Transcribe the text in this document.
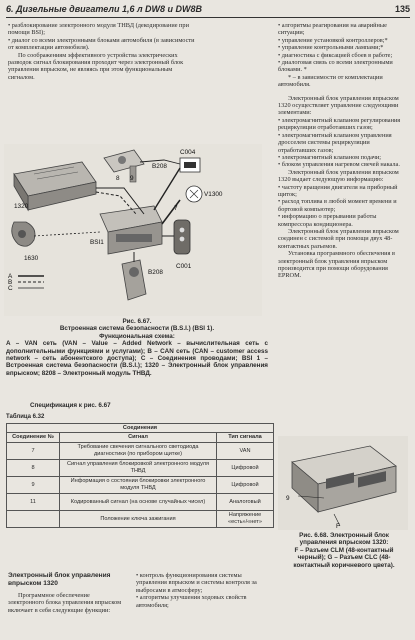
6. Дизельные двигатели 1,6 л DW8 и DW8B	135

• разблокирование электронного модуля ТНВД (декодирование при помощи BSI);

• диалог со всеми электронными блоками автомобиля (в зависимости от комплектации автомобиля).

По соображениям эффективного устройства электрических разводок сигнал блокирования проходит через электронный блок управления впрыском, не являясь при этом функциональным сигналом.

8 9
B208
C004
7
V1300
1320
BSI1
1630
B208
C001
A
B
C
Рис. 6.67.
Встроенная система безопасности (B.S.I.) (BSI 1).
Функциональная схема:
A – VAN сеть (VAN – Value – Added Network – вычислительная сеть с дополнительными функциями и услугами); B – CAN сеть (CAN – customer access network – сеть абонентского доступа); C – Соединения проводами; BSI 1 – Встроенная система безопасности (B.S.I.); 1320 – Электронный блок управления впрыском; 8208 – Электронный модуль ТНВД.
Спецификация к рис. 6.67
Таблица 6.32
Соединения		
Соединение №	Сигнал	Тип сигнала
7	Требование свечения сигнального светодиода диагностики (по прибором щитке)	VAN
8	Сигнал управления блокировкой электронного модуля ТНВД	Цифровой
9	Информация о состоянии блокировки электронного модуля ТНВД	Цифровой
11	Кодированный сигнал (на основе случайных чисел)	Аналоговый
	Положение ключа зажигания	Напряжение «есть»/«нет»

Электронный блок управления впрыском 1320

Программное обеспечение электронного блока управления впрыском включает в себя следующие функции:

• контроль функционирования системы управления впрыском и системы контроля за выбросами в атмосферу;

• алгоритмы улучшения ходовых свойств автомобиля;

• алгоритмы реагирования на аварийные ситуации;

• управление установкой контроллеров;*

• управление контрольными лампами;*

• диагностика с фиксацией сбоев в работе;

• диалоговая связь со всеми электронными блоками. *

* – в зависимости от комплектации автомобиля.

Электронный блок управления впрыском 1320 осуществляет управление следующими элементами:

• электромагнитный клапаном регулирования рециркуляции отработавших газов;

• электромагнитный клапаном управления дросселем системы рециркуляции отработавших газов;

• электромагнитный клапаном подачи;

• блоком управления нагревом свечей накала.

Электронный блок управления впрыском 1320 выдает следующую информацию:

• частоту вращения двигателя на приборный щиток;

• расход топлива в любой момент времени и бортовой компьютер;

• информацию о прерывании работы компрессора кондиционера.

Электронный блок управления впрыском соединен с системой при помощи двух 48-контактных разъемов.

Установка программного обеспечения в электронный блок управления впрыском производится при помощи оборудования EPROM.

9
F
Рис. 6.68. Электронный блок управления впрыском 1320:
F – Разъем CLM (48-контактный черный); G – Разъем CLC (48-контактный коричневого цвета).
